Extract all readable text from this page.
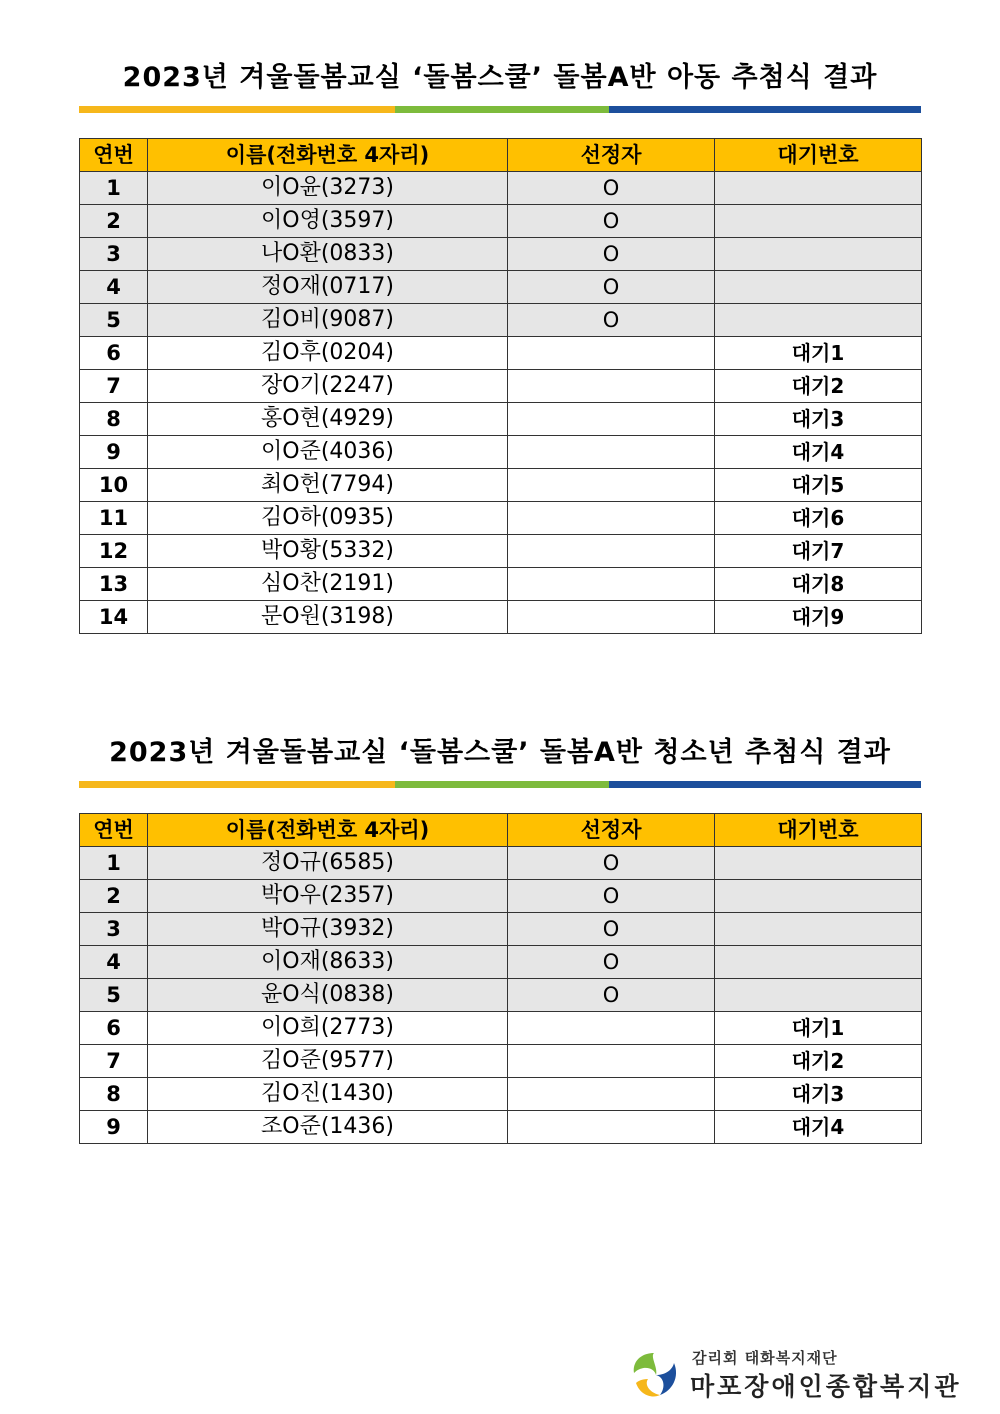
2023년 겨울돌봄교실 ‘돌봄스쿨’ 돌봄A반 아동 추첨식 결과
연번	이름(전화번호 4자리)	선정자	대기번호
1	이O윤(3273)	O	
2	이O영(3597)	O	
3	나O환(0833)	O	
4	정O재(0717)	O	
5	김O비(9087)	O	
6	김O후(0204)		대기1
7	장O기(2247)		대기2
8	홍O현(4929)		대기3
9	이O준(4036)		대기4
10	최O헌(7794)		대기5
11	김O하(0935)		대기6
12	박O황(5332)		대기7
13	심O찬(2191)		대기8
14	문O원(3198)		대기9
2023년 겨울돌봄교실 ‘돌봄스쿨’ 돌봄A반 청소년 추첨식 결과
연번	이름(전화번호 4자리)	선정자	대기번호
1	정O규(6585)	O	
2	박O우(2357)	O	
3	박O규(3932)	O	
4	이O재(8633)	O	
5	윤O식(0838)	O	
6	이O희(2773)		대기1
7	김O준(9577)		대기2
8	김O진(1430)		대기3
9	조O준(1436)		대기4
감리회 태화복지재단
마포장애인종합복지관
